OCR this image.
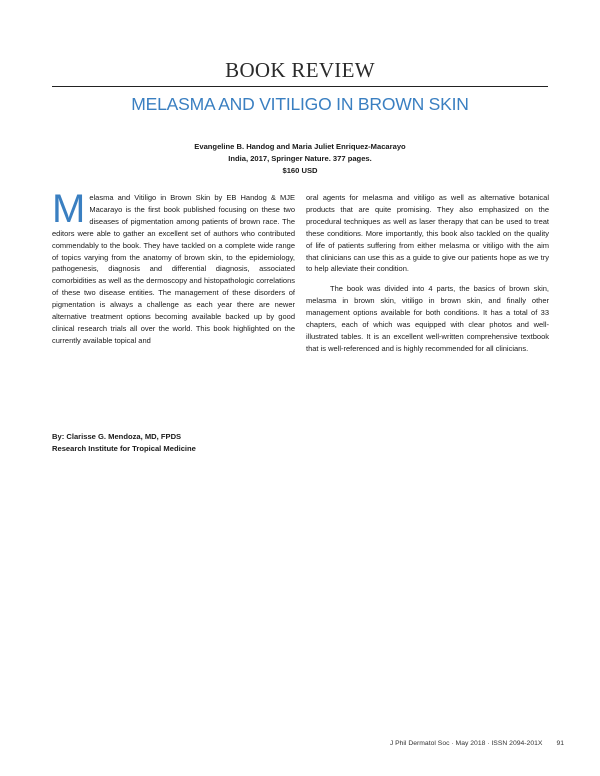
BOOK REVIEW
MELASMA AND VITILIGO IN BROWN SKIN
Evangeline B. Handog and Maria Juliet Enriquez-Macarayo
India, 2017, Springer Nature. 377 pages.
$160 USD

Melasma and Vitiligo in Brown Skin by EB Handog & MJE Macarayo is the first book published focusing on these two diseases of pigmentation among patients of brown race. The editors were able to gather an excellent set of authors who contributed commendably to the book. They have tackled on a complete wide range of topics varying from the anatomy of brown skin, to the epidemiology, pathogenesis, diagnosis and differential diagnosis, associated comorbidities as well as the dermoscopy and histopathologic correlations of these two disease entities. The management of these disorders of pigmentation is always a challenge as each year there are newer alternative treatment options becoming available backed up by good clinical research trials all over the world. This book highlighted on the currently available topical and

oral agents for melasma and vitiligo as well as alternative botanical products that are quite promising. They also emphasized on the procedural techniques as well as laser therapy that can be used to treat these conditions. More importantly, this book also tackled on the quality of life of patients suffering from either melasma or vitiligo with the aim that clinicians can use this as a guide to give our patients hope as we try to help alleviate their condition.

The book was divided into 4 parts, the basics of brown skin, melasma in brown skin, vitiligo in brown skin, and finally other management options available for both conditions. It has a total of 33 chapters, each of which was equipped with clear photos and well-illustrated tables. It is an excellent well-written comprehensive textbook that is well-referenced and is highly recommended for all clinicians.

By: Clarisse G. Mendoza, MD, FPDS
Research Institute for Tropical Medicine
J Phil Dermatol Soc · May 2018 · ISSN 2094-201X 91
